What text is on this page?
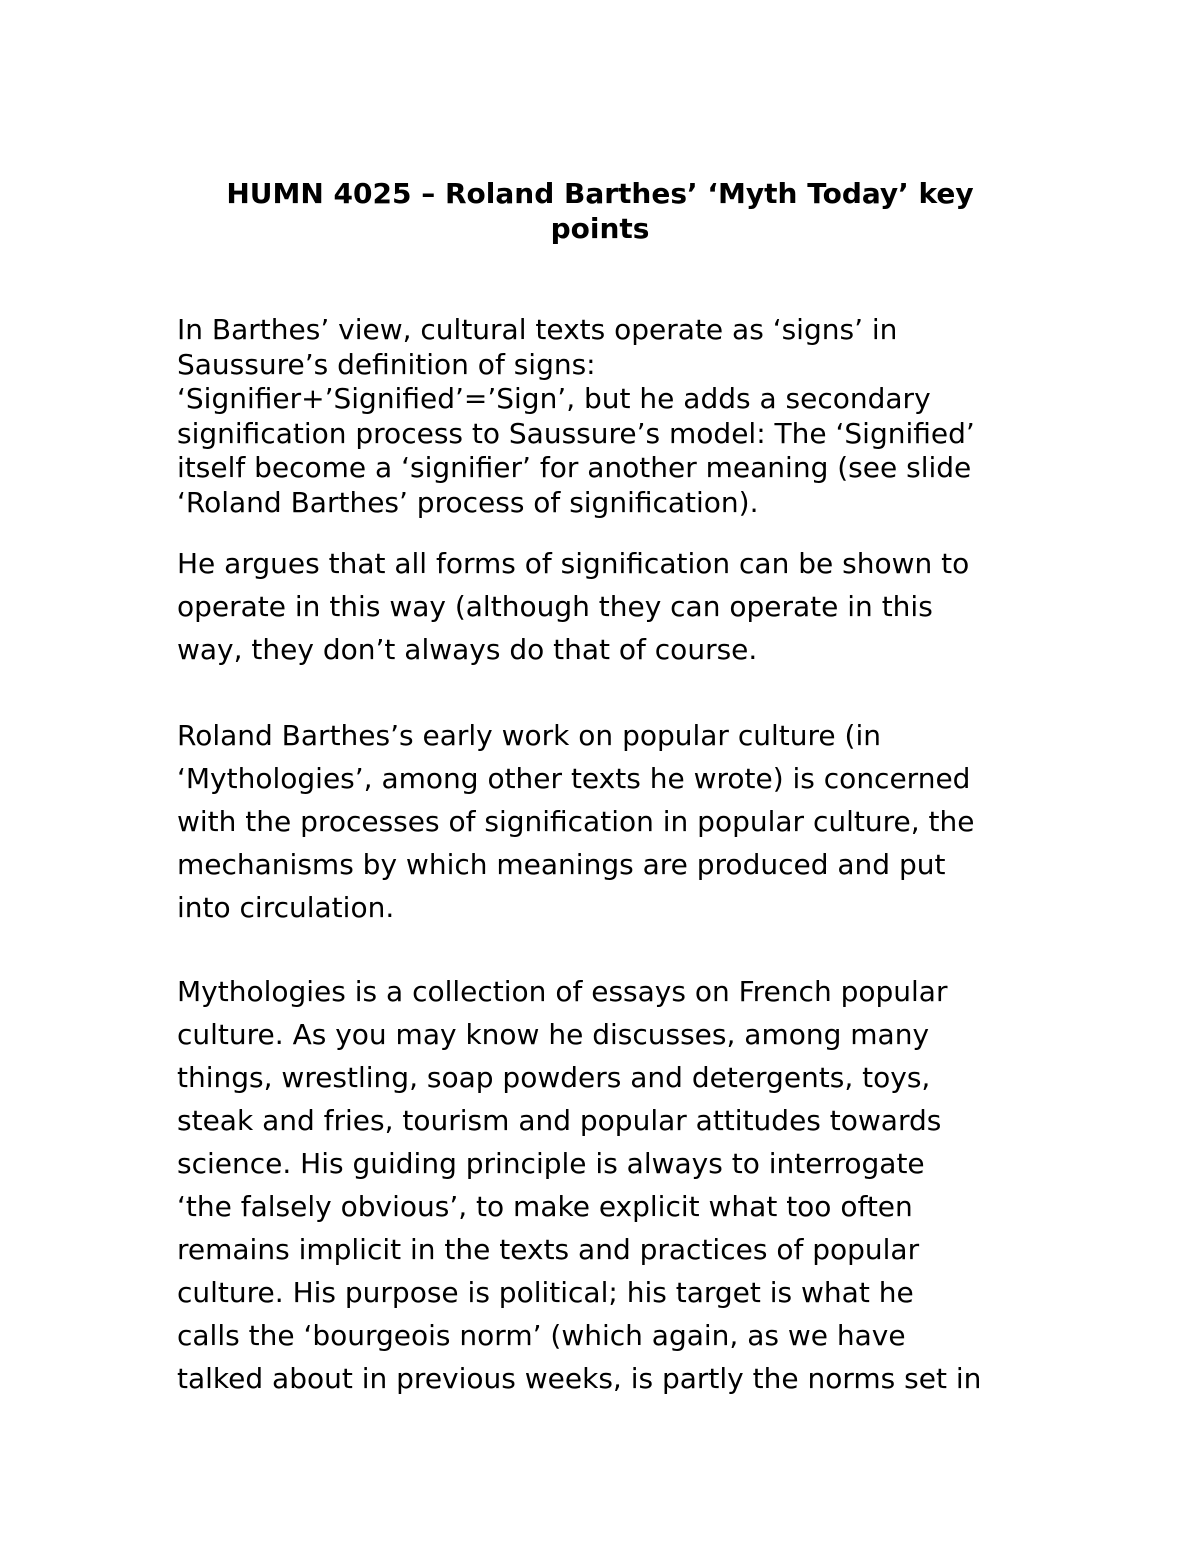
HUMN 4025 – Roland Barthes’ ‘Myth Today’ key
points

In Barthes’ view, cultural texts operate as ‘signs’ in
Saussure’s definition of signs:
‘Signifier+’Signified’=’Sign’, but he adds a secondary
signification process to Saussure’s model: The ‘Signified’
itself become a ‘signifier’ for another meaning (see slide
‘Roland Barthes’ process of signification).

He argues that all forms of signification can be shown to
operate in this way (although they can operate in this
way, they don’t always do that of course.

Roland Barthes’s early work on popular culture (in
‘Mythologies’, among other texts he wrote) is concerned
with the processes of signification in popular culture, the
mechanisms by which meanings are produced and put
into circulation.

Mythologies is a collection of essays on French popular
culture. As you may know he discusses, among many
things, wrestling, soap powders and detergents, toys,
steak and fries, tourism and popular attitudes towards
science. His guiding principle is always to interrogate
‘the falsely obvious’, to make explicit what too often
remains implicit in the texts and practices of popular
culture. His purpose is political; his target is what he
calls the ‘bourgeois norm’ (which again, as we have
talked about in previous weeks, is partly the norms set in
